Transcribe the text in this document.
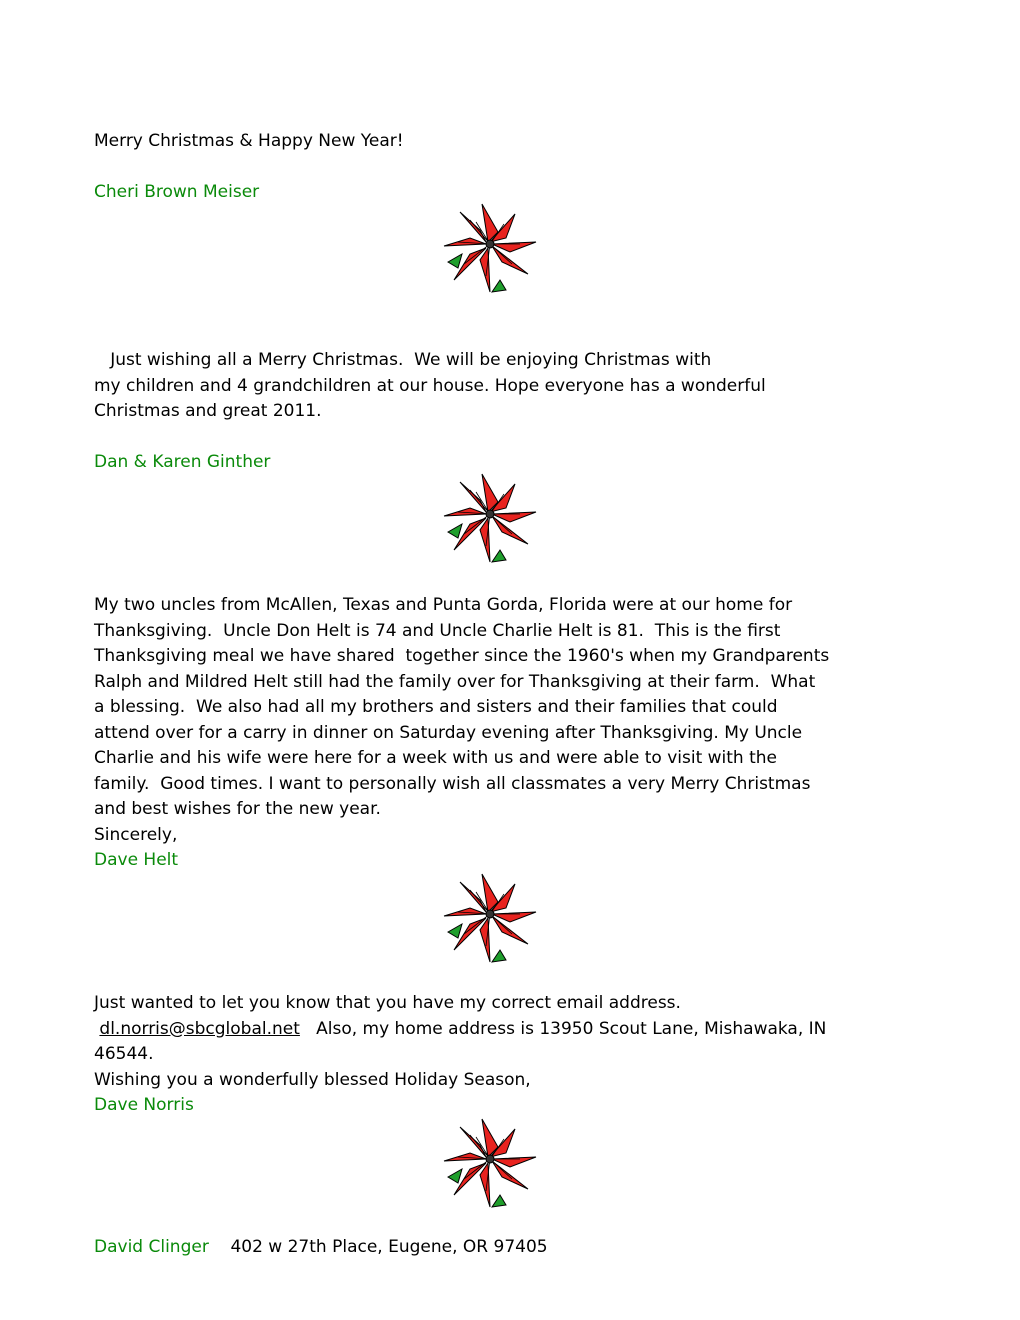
Merry Christmas & Happy New Year!
Cheri Brown Meiser
Just wishing all a Merry Christmas.  We will be enjoying Christmas with
my children and 4 grandchildren at our house. Hope everyone has a wonderful
Christmas and great 2011.
Dan & Karen Ginther
My two uncles from McAllen, Texas and Punta Gorda, Florida were at our home for
Thanksgiving.  Uncle Don Helt is 74 and Uncle Charlie Helt is 81.  This is the first
Thanksgiving meal we have shared  together since the 1960's when my Grandparents
Ralph and Mildred Helt still had the family over for Thanksgiving at their farm.  What
a blessing.  We also had all my brothers and sisters and their families that could
attend over for a carry in dinner on Saturday evening after Thanksgiving. My Uncle
Charlie and his wife were here for a week with us and were able to visit with the
family.  Good times. I want to personally wish all classmates a very Merry Christmas
and best wishes for the new year.
Sincerely,
Dave Helt
Just wanted to let you know that you have my correct email address.
dl.norris@sbcglobal.net   Also, my home address is 13950 Scout Lane, Mishawaka, IN
46544.
Wishing you a wonderfully blessed Holiday Season,
Dave Norris
David Clinger 402 w 27th Place, Eugene, OR 97405
